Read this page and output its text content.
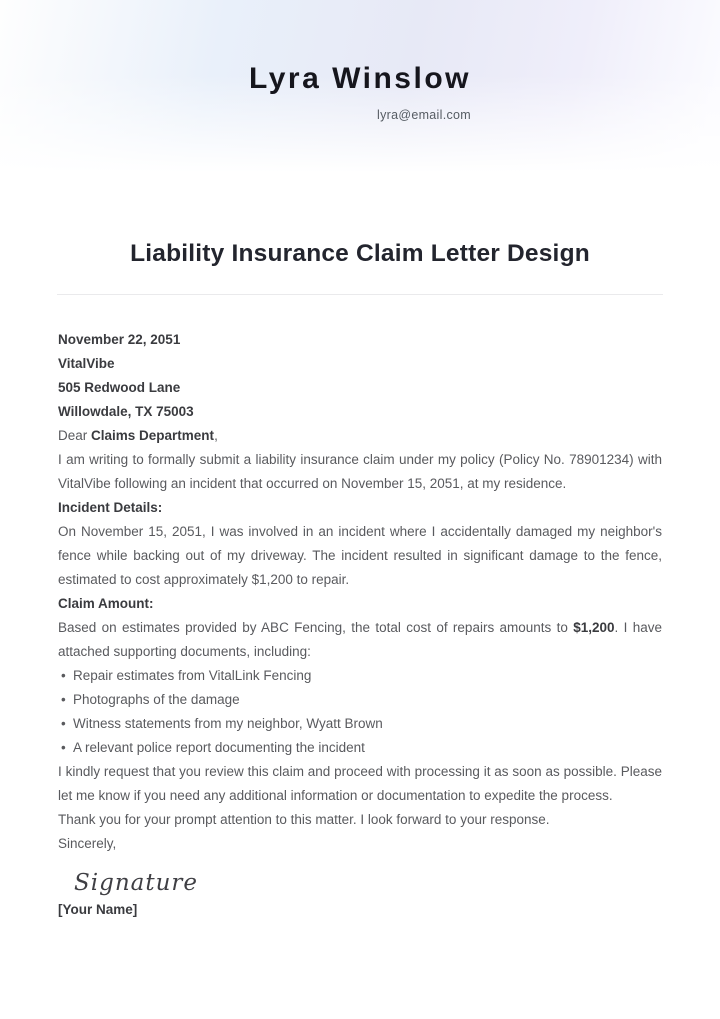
Lyra Winslow
lyra@email.com
Liability Insurance Claim Letter Design

November 22, 2051

VitalVibe

505 Redwood Lane

Willowdale, TX 75003

Dear Claims Department,

I am writing to formally submit a liability insurance claim under my policy (Policy No. 78901234) with VitalVibe following an incident that occurred on November 15, 2051, at my residence.

Incident Details:

On November 15, 2051, I was involved in an incident where I accidentally damaged my neighbor's fence while backing out of my driveway. The incident resulted in significant damage to the fence, estimated to cost approximately $1,200 to repair.

Claim Amount:

Based on estimates provided by ABC Fencing, the total cost of repairs amounts to $1,200. I have attached supporting documents, including:

• Repair estimates from VitalLink Fencing
• Photographs of the damage
• Witness statements from my neighbor, Wyatt Brown
• A relevant police report documenting the incident

I kindly request that you review this claim and proceed with processing it as soon as possible. Please let me know if you need any additional information or documentation to expedite the process.

Thank you for your prompt attention to this matter. I look forward to your response.

Sincerely,

Signature

[Your Name]
